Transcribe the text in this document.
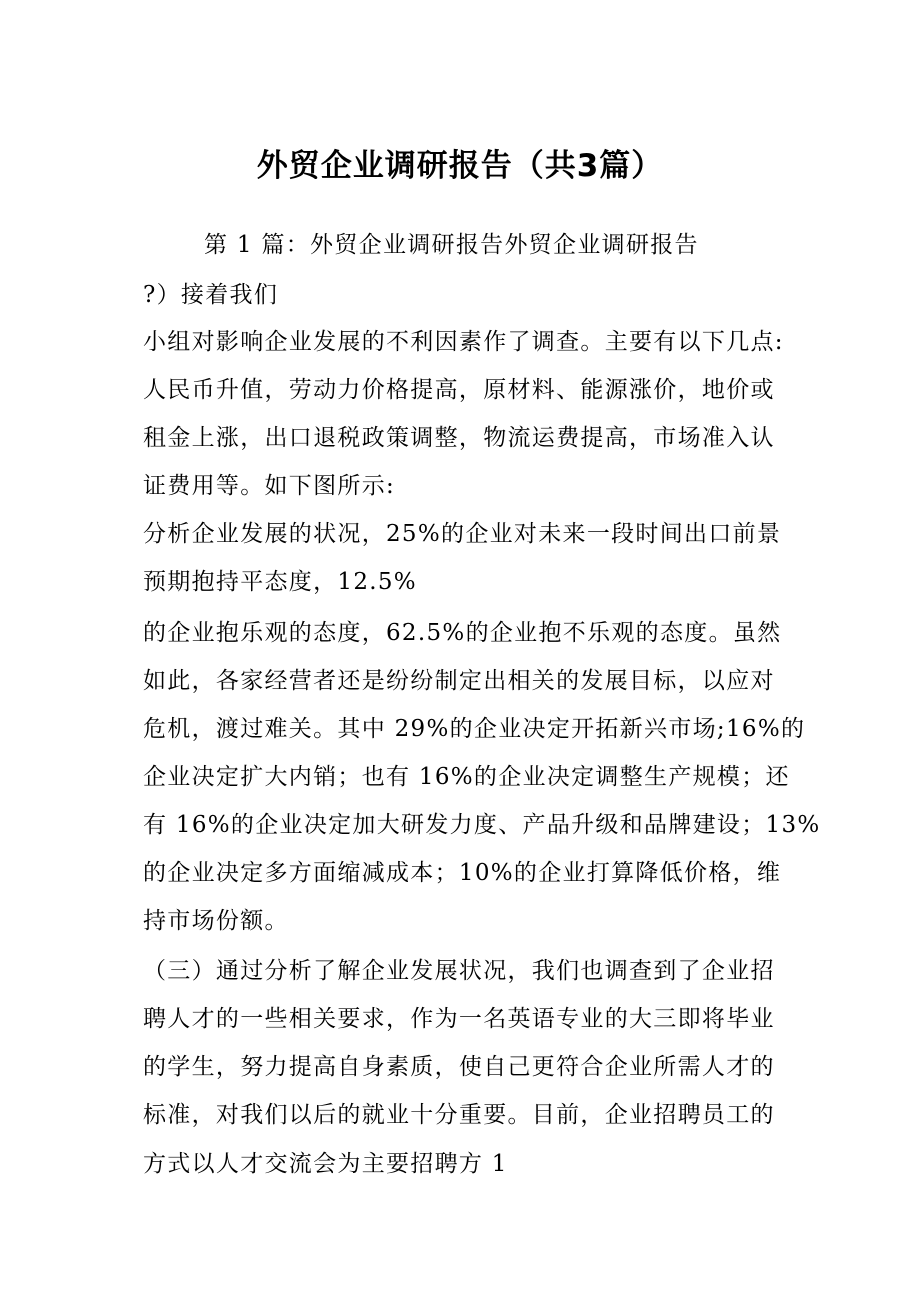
外贸企业调研报告（共3篇）
第 1 篇：外贸企业调研报告外贸企业调研报告
?）接着我们
小组对影响企业发展的不利因素作了调查。主要有以下几点:
人民币升值，劳动力价格提高，原材料、能源涨价，地价或
租金上涨，出口退税政策调整，物流运费提高，市场准入认
证费用等。如下图所示:
分析企业发展的状况，25%的企业对未来一段时间出口前景
预期抱持平态度，12.5%
的企业抱乐观的态度，62.5%的企业抱不乐观的态度。虽然
如此，各家经营者还是纷纷制定出相关的发展目标，以应对
危机，渡过难关。其中 29%的企业决定开拓新兴市场;16%的
企业决定扩大内销；也有 16%的企业决定调整生产规模；还
有 16%的企业决定加大研发力度、产品升级和品牌建设；13%
的企业决定多方面缩减成本；10%的企业打算降低价格，维
持市场份额。
（三）通过分析了解企业发展状况，我们也调查到了企业招
聘人才的一些相关要求，作为一名英语专业的大三即将毕业
的学生，努力提高自身素质，使自己更符合企业所需人才的
标准，对我们以后的就业十分重要。目前，企业招聘员工的
方式以人才交流会为主要招聘方 1
